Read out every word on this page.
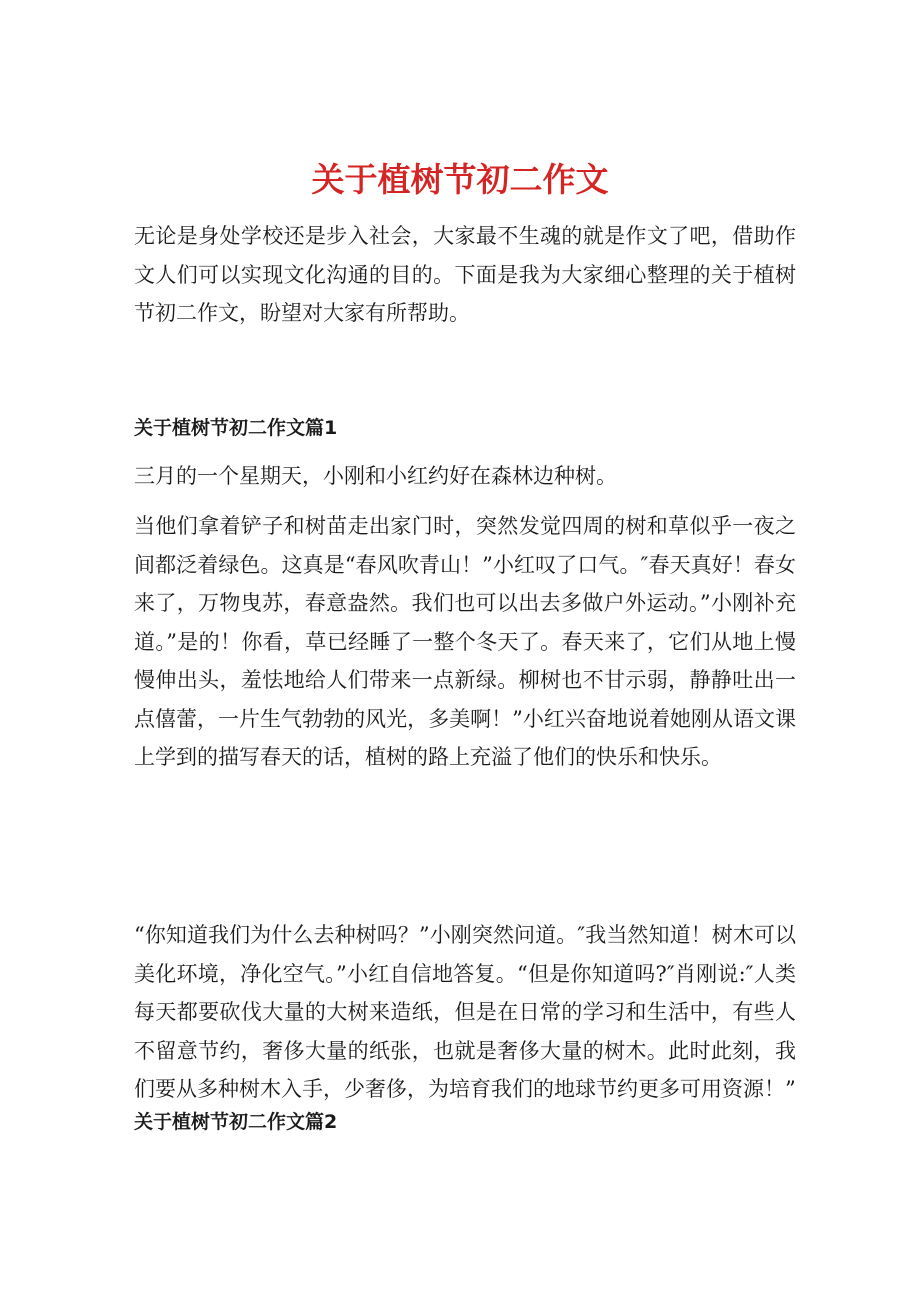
关于植树节初二作文

无论是身处学校还是步入社会，大家最不生魂的就是作文了吧，借助作文人们可以实现文化沟通的目的。下面是我为大家细心整理的关于植树节初二作文，盼望对大家有所帮助。

关于植树节初二作文篇1

三月的一个星期天，小刚和小红约好在森林边种树。

当他们拿着铲子和树苗走出家门时，突然发觉四周的树和草似乎一夜之间都泛着绿色。这真是“春风吹青山！”小红叹了口气。″春天真好！春女来了，万物曳苏，春意盎然。我们也可以出去多做户外运动。”小刚补充道。”是的！你看，草已经睡了一整个冬天了。春天来了，它们从地上慢慢伸出头，羞怯地给人们带来一点新绿。柳树也不甘示弱，静静吐出一点僖蕾，一片生气勃勃的风光，多美啊！”小红兴奋地说着她刚从语文课上学到的描写春天的话，植树的路上充溢了他们的快乐和快乐。

“你知道我们为什么去种树吗？”小刚突然问道。″我当然知道！树木可以美化环境，净化空气。”小红自信地答复。“但是你知道吗?″肖刚说:″人类每天都要砍伐大量的大树来造纸，但是在日常的学习和生活中，有些人不留意节约，奢侈大量的纸张，也就是奢侈大量的树木。此时此刻，我们要从多种树木入手，少奢侈，为培育我们的地球节约更多可用资源！”

关于植树节初二作文篇2
